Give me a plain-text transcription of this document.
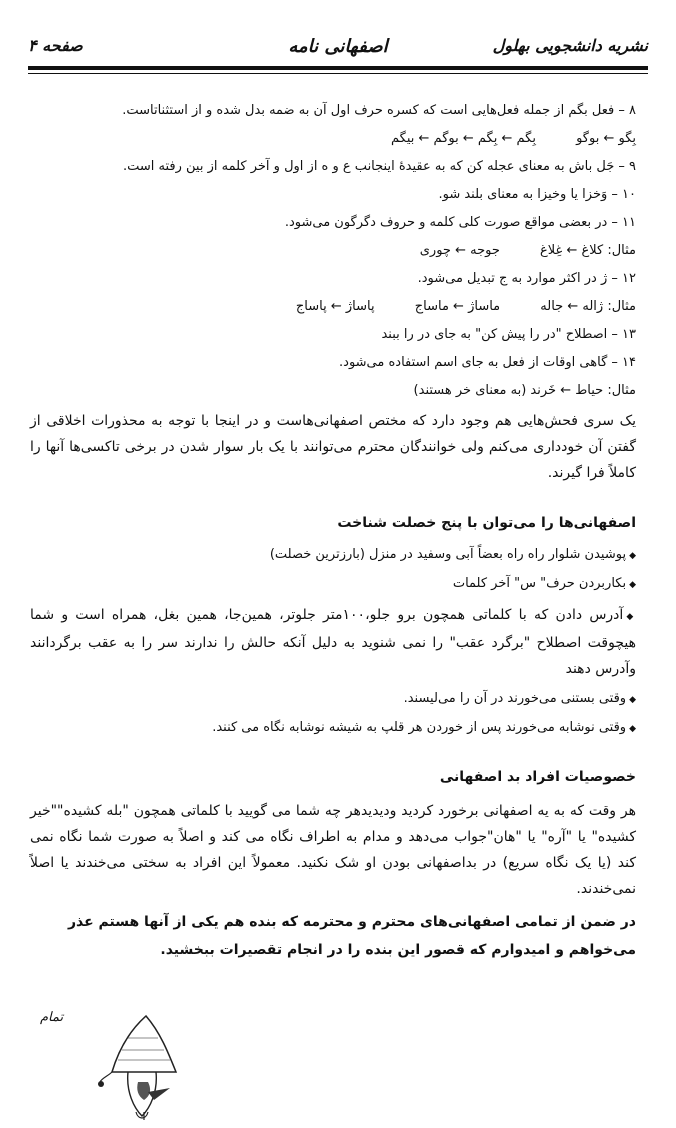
نشریه دانشجویی بهلول
اصفهانی نامه
صفحه ۴

۸ – فعل بگم از جمله فعل‌هایی است که کسره حرف اول آن به ضمه بدل شده و از استثناتاست.

بِگو ← بوگو بِگم ← بِگم ← بوگم ← بیگم

۹ – جَل باش به معنای عجله کن که به عقیدهٔ اینجانب ع و ه از اول و آخر کلمه از بین رفته است.

۱۰ – وَخزا یا وخیزا به معنای بلند شو.

۱۱ – در بعضی مواقع صورت کلی کلمه و حروف دگرگون می‌شود.

مثال: کلاغ ← غِلاغ جوجه ← چوری

۱۲ – ژ در اکثر موارد به ج تبدیل می‌شود.

مثال: ژاله ← جاله ماساژ ← ماساج پاساژ ← پاساج

۱۳ – اصطلاح "در را پیش کن" به جای در را ببند

۱۴ – گاهی اوقات از فعل به جای اسم استفاده می‌شود.

مثال: حیاط ← خَرند (به معنای خر هستند)

یک سری فحش‌هایی هم وجود دارد که مختص اصفهانی‌هاست و در اینجا با توجه به محذورات اخلاقی از گفتن آن خودداری می‌کنم ولی خوانندگان محترم می‌توانند با یک بار سوار شدن در برخی تاکسی‌ها آنها را کاملاً فرا گیرند.

اصفهانی‌ها را می‌توان با پنج خصلت شناخت

◆ پوشیدن شلوار راه راه بعضاً آبی وسفید در منزل (بارزترین خصلت)

◆ بکاربردن حرف" س" آخر کلمات

◆ آدرس دادن که با کلماتی همچون برو جلو،۱۰۰متر جلوتر، همین‌جا، همین بغل، همراه است و شما هیچوقت اصطلاح "برگرد عقب" را نمی شنوید به دلیل آنکه حالش را ندارند سر را به عقب برگردانند وآدرس دهند

◆ وقتی بستنی می‌خورند در آن را می‌لیسند.

◆ وقتی نوشابه می‌خورند پس از خوردن هر قلپ به شیشه نوشابه نگاه می کنند.

خصوصیات افراد بد اصفهانی

هر وقت که به یه اصفهانی برخورد کردید ودیدیدهر چه شما می گویید با کلماتی همچون "بله کشیده""خیر کشیده" یا "آره" یا "هان"جواب می‌دهد و مدام به اطراف نگاه می کند و اصلاً به صورت شما نگاه نمی کند (یا یک نگاه سریع) در بداصفهانی بودن او شک نکنید. معمولاً این افراد به سختی می‌خندند یا اصلاً نمی‌خندند.

در ضمن از تمامی اصفهانی‌های محترم و محترمه که بنده هم یکی از آنها هستم عذر می‌خواهم و امیدوارم که قصور این بنده را در انجام تقصیرات ببخشید.

تمام
